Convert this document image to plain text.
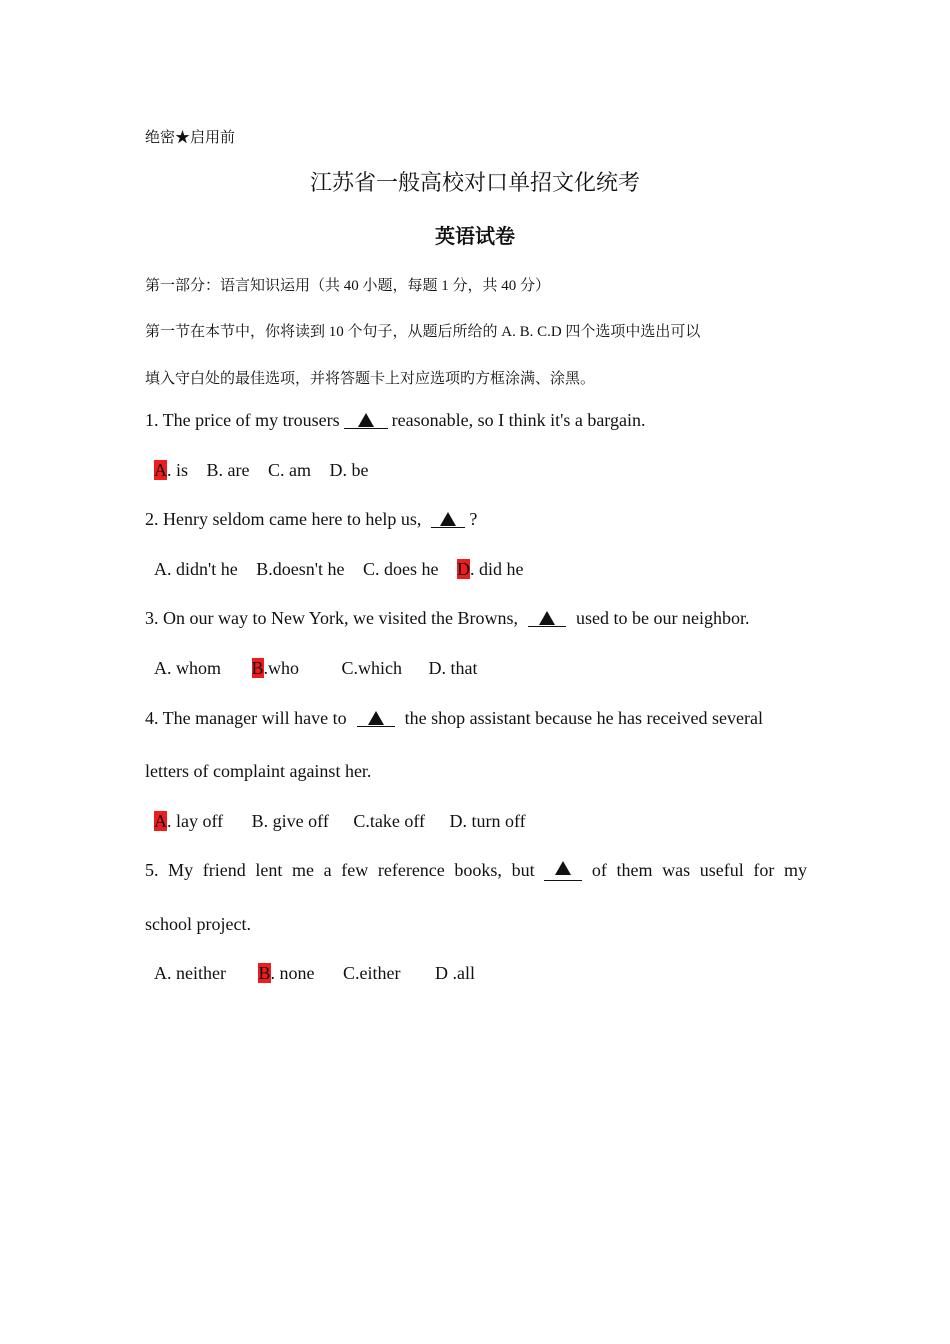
绝密★启用前
江苏省一般高校对口单招文化统考
英语试卷
第一部分：语言知识运用（共 40 小题，每题 1 分，共 40 分）
第一节在本节中，你将读到 10 个句子，从题后所给的 A. B. C.D 四个选项中选出可以
填入守白处的最佳选项，并将答题卡上对应选项旳方框涂满、涂黑。
1. The price of my trousers	reasonable, so I think it's a bargain.
A. is B. are C. am D. be
2. Henry seldom came here to help us,	?
A. didn't he B.doesn't he C. does he D. did he
3. On our way to New York, we visited the Browns,	used to be our neighbor.
A. whom B.who C.which D. that
4. The manager will have to	the shop assistant because he has received several
letters of complaint against her.
A. lay off B. give off C.take off D. turn off
5. My friend lent me a few reference books, but	of them was useful for my
school project.
A. neither B. none C.either D .all
